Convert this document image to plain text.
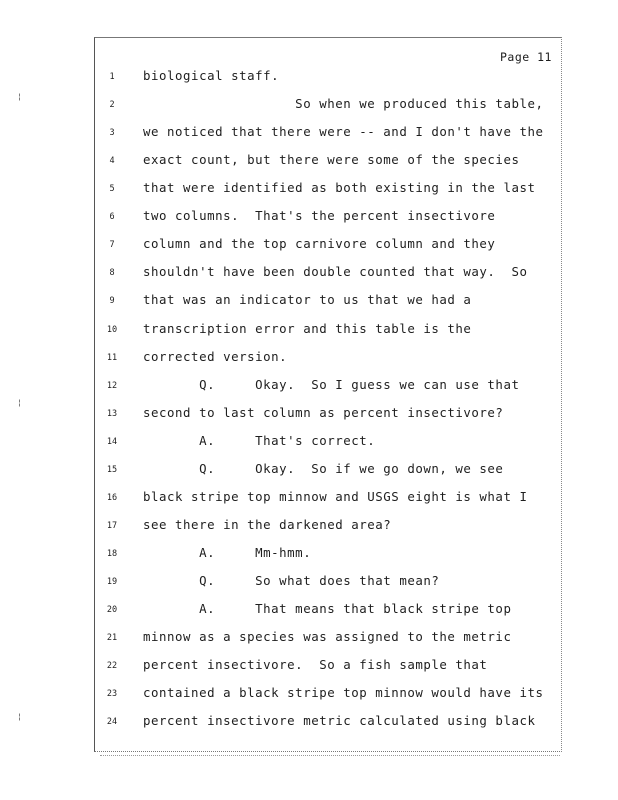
Page 11
¦
¦
¦
1	biological staff.
2	So when we produced this table,
3	we noticed that there were -- and I don't have the
4	exact count, but there were some of the species
5	that were identified as both existing in the last
6	two columns.  That's the percent insectivore
7	column and the top carnivore column and they
8	shouldn't have been double counted that way.  So
9	that was an indicator to us that we had a
10	transcription error and this table is the
11	corrected version.
12	Q.     Okay.  So I guess we can use that
13	second to last column as percent insectivore?
14	A.     That's correct.
15	Q.     Okay.  So if we go down, we see
16	black stripe top minnow and USGS eight is what I
17	see there in the darkened area?
18	A.     Mm-hmm.
19	Q.     So what does that mean?
20	A.     That means that black stripe top
21	minnow as a species was assigned to the metric
22	percent insectivore.  So a fish sample that
23	contained a black stripe top minnow would have its
24	percent insectivore metric calculated using black
